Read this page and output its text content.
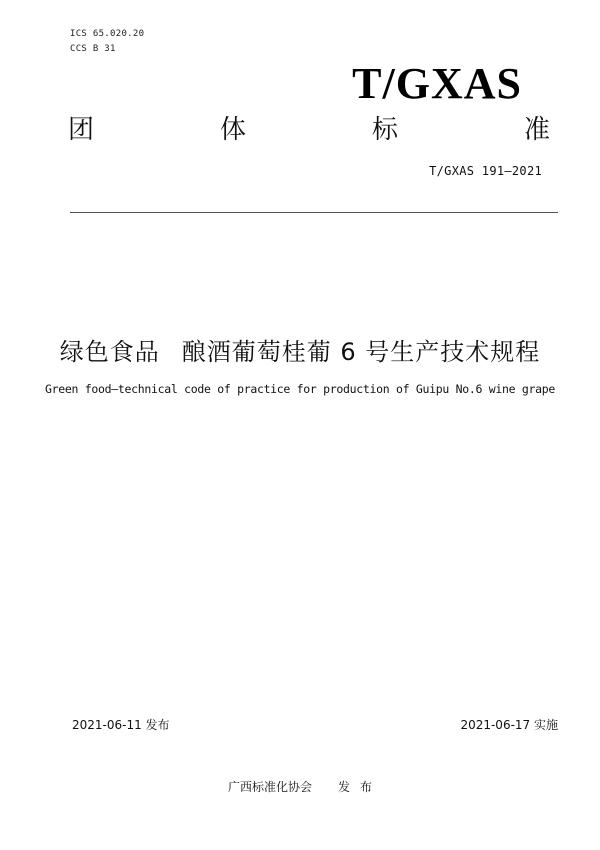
ICS 65.020.20
CCS B 31
T/GXAS
团	体	标	准
T/GXAS 191—2021
绿色食品 酿酒葡萄桂葡 6 号生产技术规程
Green food—technical code of practice for production of Guipu No.6 wine grape
2021-06-11 发布	2021-06-17 实施
广西标准化协会 发 布
